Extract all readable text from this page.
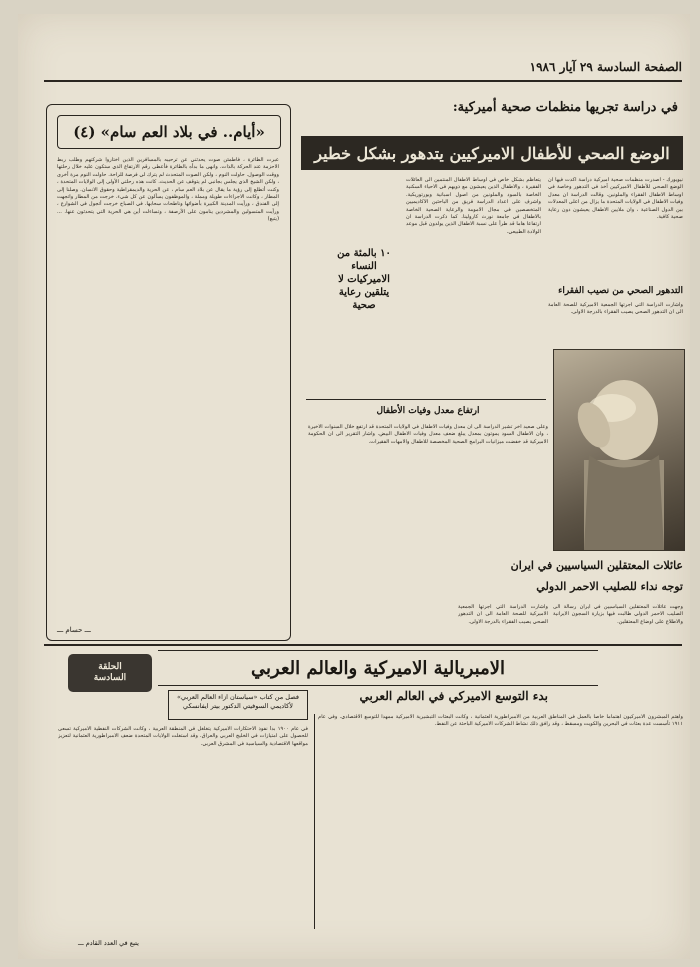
الصفحة السادسة ٢٩ آيار ١٩٨٦
«أيام.. في بلاد العم سام» (٤)
عبرت الطائرة ، فاطمئن صوت يحدثني عن ترحيبه بالمسافرين الذين اختاروا شركتهم وطلب ربط الاحزمة عند الحركة بالذات. وانهى ما بدأه بالطائرة فأعطى رقم الارتفاع الذي ستكون عليه خلال رحلتها ووقت الوصول. حاولت النوم ، ولكن الصوت المتحدث لم يترك لي فرصة للراحة. حاولت النوم مرة أخرى ، ولكن الشيخ الذي يجلس بجانبي لم يتوقف عن الحديث. كانت هذه رحلتي الأولى إلى الولايات المتحدة ، وكنت أتطلع إلى رؤية ما يقال عن بلاد العم سام ، عن الحرية والديمقراطية وحقوق الانسان. وصلنا إلى المطار ، وكانت الاجراءات طويلة ومملة ، والموظفون يسألون عن كل شيء. خرجت من المطار واتجهت إلى الفندق ، ورأيت المدينة الكبيرة بأضوائها وناطحات سحابها. في الصباح خرجت أتجول في الشوارع ، ورأيت المتسولين والمشردين ينامون على الأرصفة ، وتساءلت أين هي الحرية التي يتحدثون عنها. ... (يتبع)
ـــ حسام ـــ
في دراسة تجريها منظمات صحية أميركية:
الوضع الصحي للأطفال الاميركيين يتدهور بشكل خطير
نيويورك - اصدرت منظمات صحية اميركية دراسة اكدت فيها ان الوضع الصحي للأطفال الاميركيين آخذ في التدهور وخاصة في اوساط الاطفال الفقراء والملونين. وقالت الدراسة ان معدل وفيات الاطفال في الولايات المتحدة ما يزال من اعلى المعدلات بين الدول الصناعية ، وان ملايين الاطفال يعيشون دون رعاية صحية كافية.
التدهور الصحي من نصيب الفقراء
واشارت الدراسة التي اجرتها الجمعية الاميركية للصحة العامة الى ان التدهور الصحي يصيب الفقراء بالدرجة الاولى.
يتعاظم بشكل خاص في اوساط الاطفال المنتمين الى العائلات الفقيرة ، والاطفال الذين يعيشون مع ذويهم في الاحياء السكنية الخاصة بالسود والملونين من اصول اسبانية وبورتوريكية. واشرف على اعداد الدراسة فريق من الباحثين الاكاديميين المتخصصين في مجال الامومة والرعاية الصحية الخاصة بالاطفال في جامعة نورث كارولينا. كما ذكرت الدراسة ان ارتفاعا هاما قد طرأ على نسبة الاطفال الذين يولدون قبل موعد الولادة الطبيعي.
١٠ بالمئة من النساء الاميركيات لا يتلقين رعاية صحية
ارتفاع معدل وفيات الأطفال
وعلى صعيد اخر تشير الدراسة الى ان معدل وفيات الاطفال في الولايات المتحدة قد ارتفع خلال السنوات الاخيرة ، وان الاطفال السود يموتون بمعدل يبلغ ضعف معدل وفيات الاطفال البيض. واشار التقرير الى ان الحكومة الاميركية قد خفضت ميزانيات البرامج الصحية المخصصة للاطفال والامهات الفقيرات.
عائلات المعتقلين السياسيين في ايران
توجه نداء للصليب الاحمر الدولي
وجهت عائلات المعتقلين السياسيين في ايران رسالة الى الصليب الاحمر الدولي طالبت فيها بزيارة السجون الايرانية والاطلاع على اوضاع المعتقلين.
واشارت الدراسة التي اجرتها الجمعية الاميركية للصحة العامة الى ان التدهور الصحي يصيب الفقراء بالدرجة الاولى.
الحلقة
السادسة	الامبريالية الاميركية والعالم العربي
بدء التوسع الاميركي في العالم العربي
فصل من كتاب «سياستان ازاء العالم العربي» لأكاديمي السوفيتي الدكتور بيتر ايفانسكي
واهتم المبشرون الاميركيون اهتماما خاصا بالعمل في المناطق العربية من الامبراطورية العثمانية ، وكانت البعثات التبشيرية الاميركية ممهدا للتوسع الاقتصادي. وفي عام ١٩١١ تأسست عدة بعثات في البحرين والكويت ومسقط ، وقد رافق ذلك نشاط الشركات الاميركية الباحثة عن النفط.
في عام ١٩٠٠ بدأ نفوذ الاحتكارات الاميركية يتغلغل في المنطقة العربية ، وكانت الشركات النفطية الاميركية تسعى للحصول على امتيازات في الخليج العربي والعراق. وقد استغلت الولايات المتحدة ضعف الامبراطورية العثمانية لتعزيز مواقعها الاقتصادية والسياسية في المشرق العربي.
يتبع في العدد القادم ـــ
